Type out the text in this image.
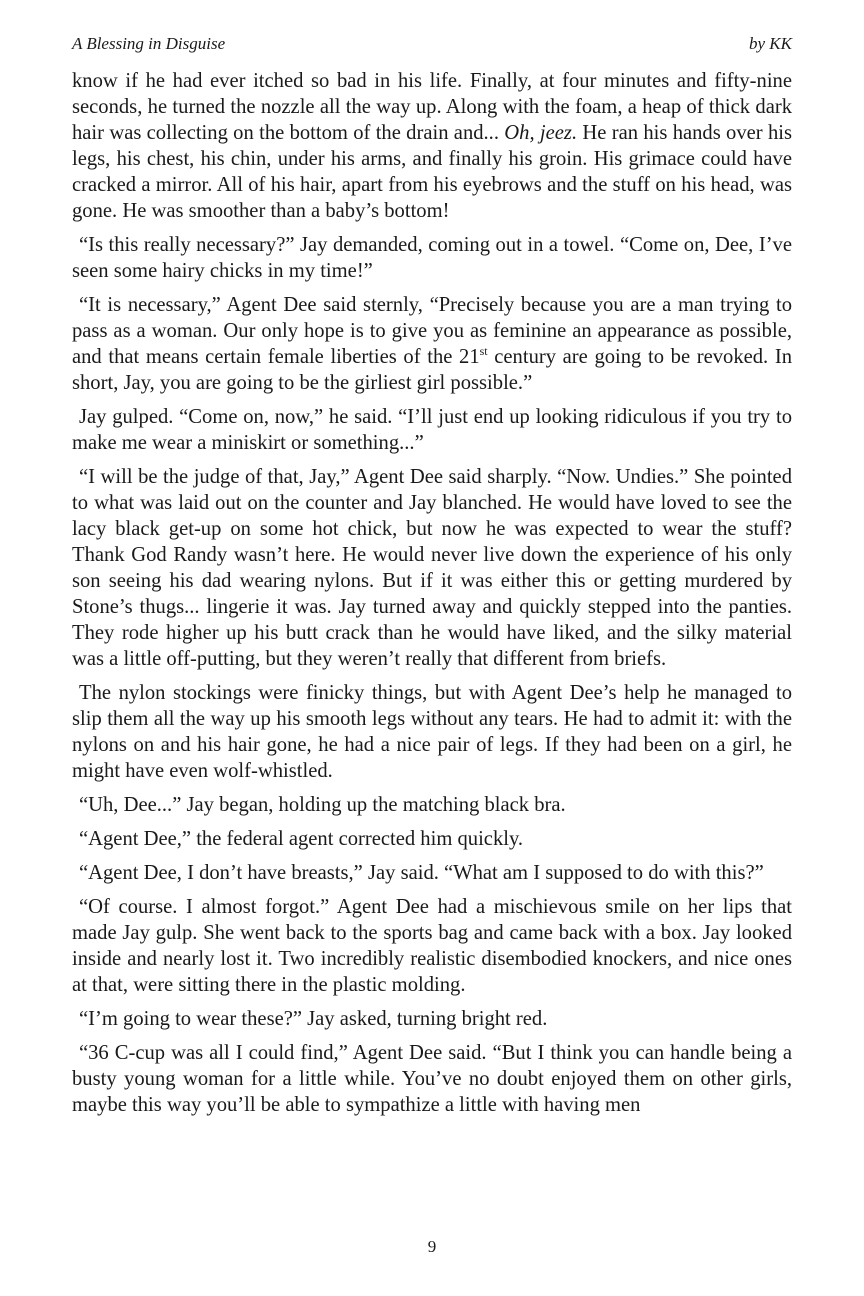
A Blessing in Disguise	by KK

know if he had ever itched so bad in his life. Finally, at four minutes and fifty-nine seconds, he turned the nozzle all the way up. Along with the foam, a heap of thick dark hair was collecting on the bottom of the drain and... Oh, jeez. He ran his hands over his legs, his chest, his chin, under his arms, and finally his groin. His grimace could have cracked a mirror. All of his hair, apart from his eyebrows and the stuff on his head, was gone. He was smoother than a baby’s bottom!

“Is this really necessary?” Jay demanded, coming out in a towel. “Come on, Dee, I’ve seen some hairy chicks in my time!”

“It is necessary,” Agent Dee said sternly, “Precisely because you are a man trying to pass as a woman. Our only hope is to give you as feminine an appearance as possible, and that means certain female liberties of the 21st century are going to be revoked. In short, Jay, you are going to be the girliest girl possible.”

Jay gulped. “Come on, now,” he said. “I’ll just end up looking ridiculous if you try to make me wear a miniskirt or something...”

“I will be the judge of that, Jay,” Agent Dee said sharply. “Now. Undies.” She pointed to what was laid out on the counter and Jay blanched. He would have loved to see the lacy black get-up on some hot chick, but now he was expected to wear the stuff? Thank God Randy wasn’t here. He would never live down the experience of his only son seeing his dad wearing nylons. But if it was either this or getting murdered by Stone’s thugs... lingerie it was. Jay turned away and quickly stepped into the panties. They rode higher up his butt crack than he would have liked, and the silky material was a little off-putting, but they weren’t really that different from briefs.

The nylon stockings were finicky things, but with Agent Dee’s help he managed to slip them all the way up his smooth legs without any tears. He had to admit it: with the nylons on and his hair gone, he had a nice pair of legs. If they had been on a girl, he might have even wolf-whistled.

“Uh, Dee...” Jay began, holding up the matching black bra.

“Agent Dee,” the federal agent corrected him quickly.

“Agent Dee, I don’t have breasts,” Jay said. “What am I supposed to do with this?”

“Of course. I almost forgot.” Agent Dee had a mischievous smile on her lips that made Jay gulp. She went back to the sports bag and came back with a box. Jay looked inside and nearly lost it. Two incredibly realistic disembodied knockers, and nice ones at that, were sitting there in the plastic molding.

“I’m going to wear these?” Jay asked, turning bright red.

“36 C-cup was all I could find,” Agent Dee said. “But I think you can handle being a busty young woman for a little while. You’ve no doubt enjoyed them on other girls, maybe this way you’ll be able to sympathize a little with having men

9
